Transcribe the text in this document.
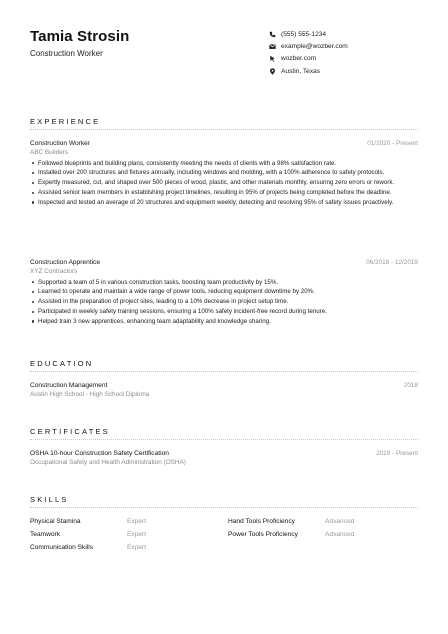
Tamia Strosin
Construction Worker
(555) 555-1234
example@wozber.com
wozber.com
Austin, Texas
EXPERIENCE
Construction Worker	01/2020 - Present
ABC Builders
Followed blueprints and building plans, consistently meeting the needs of clients with a 98% satisfaction rate.
Installed over 200 structures and fixtures annually, including windows and molding, with a 100% adherence to safety protocols.
Expertly measured, cut, and shaped over 500 pieces of wood, plastic, and other materials monthly, ensuring zero errors or rework.
Assisted senior team members in establishing project timelines, resulting in 95% of projects being completed before the deadline.
Inspected and tested an average of 20 structures and equipment weekly, detecting and resolving 95% of safety issues proactively.
Construction Apprentice	06/2018 - 12/2019
XYZ Contractors
Supported a team of 5 in various construction tasks, boosting team productivity by 15%.
Learned to operate and maintain a wide range of power tools, reducing equipment downtime by 20%.
Assisted in the preparation of project sites, leading to a 10% decrease in project setup time.
Participated in weekly safety training sessions, ensuring a 100% safety incident-free record during tenure.
Helped train 3 new apprentices, enhancing team adaptability and knowledge sharing.
EDUCATION
Construction Management	2018
Austin High School - High School Diploma
CERTIFICATES
OSHA 10-hour Construction Safety Certification	2019 - Present
Occupational Safety and Health Administration (OSHA)
SKILLS
Physical Stamina	Expert	Hand Tools Proficiency	Advanced
Teamwork	Expert	Power Tools Proficiency	Advanced
Communication Skills	Expert
